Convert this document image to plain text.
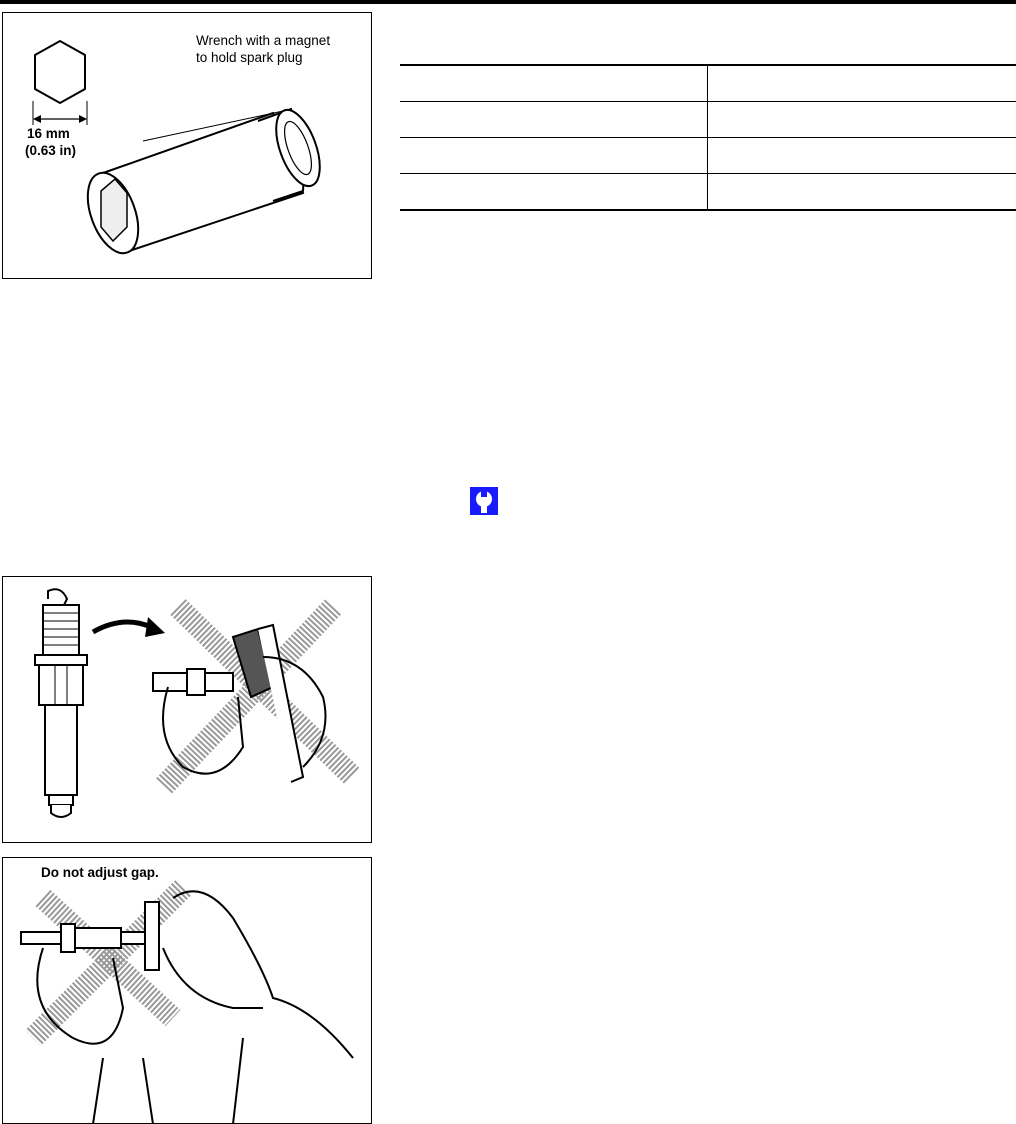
Wrench with a magnet
to hold spark plug
16 mm
(0.63 in)

Do not adjust gap.
